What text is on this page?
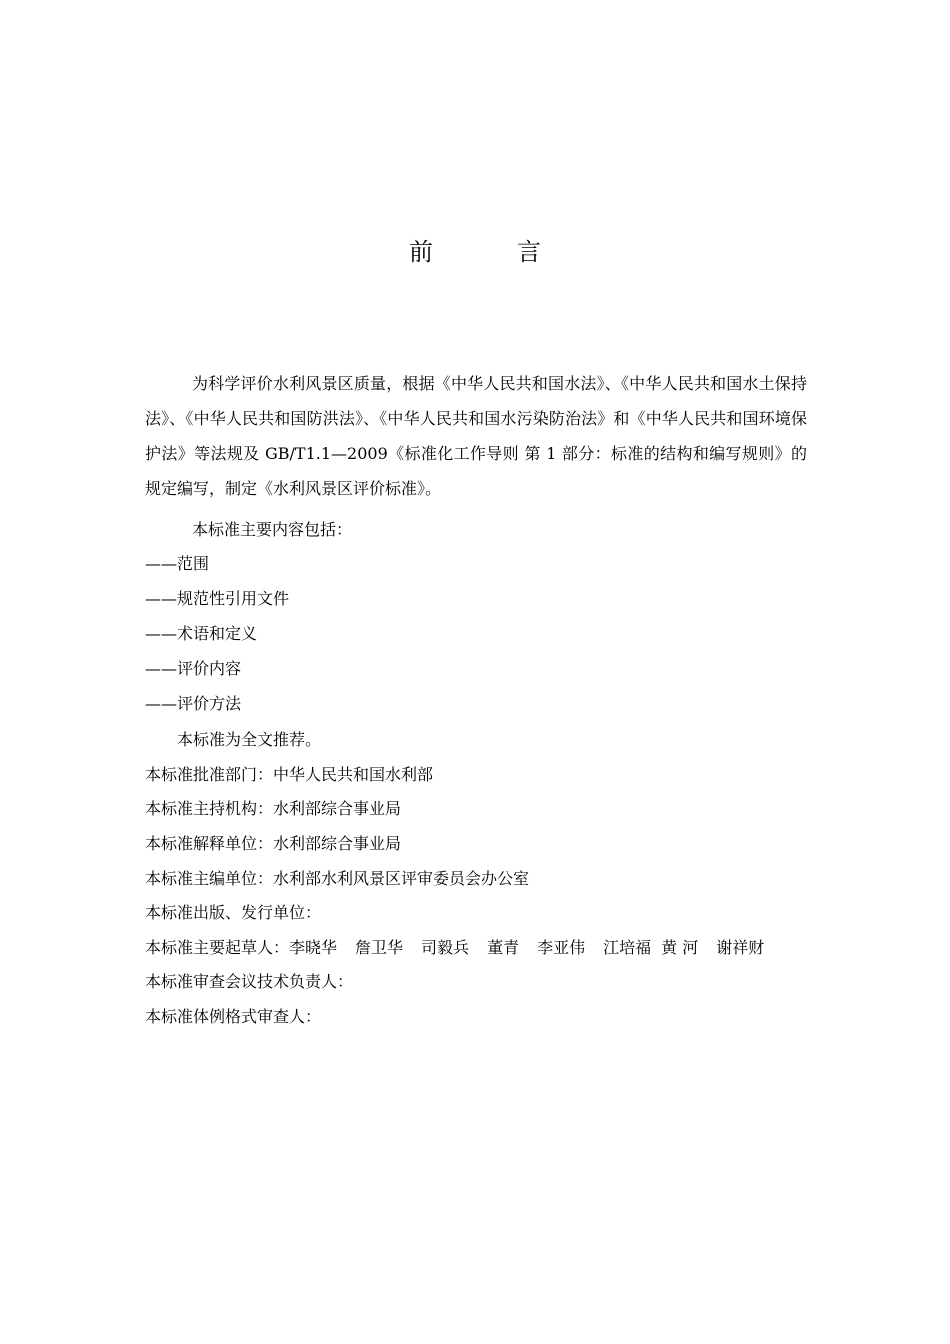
前　言

为科学评价水利风景区质量，根据《中华人民共和国水法》、《中华人民共和国水土保持法》、《中华人民共和国防洪法》、《中华人民共和国水污染防治法》和《中华人民共和国环境保护法》等法规及 GB/T1.1—2009《标准化工作导则 第 1 部分：标准的结构和编写规则》的规定编写，制定《水利风景区评价标准》。

本标准主要内容包括：

——范围

——规范性引用文件

——术语和定义

——评价内容

——评价方法

本标准为全文推荐。

本标准批准部门：中华人民共和国水利部

本标准主持机构：水利部综合事业局

本标准解释单位：水利部综合事业局

本标准主编单位：水利部水利风景区评审委员会办公室

本标准出版、发行单位：

本标准主要起草人：李晓华 詹卫华 司毅兵 董青 李亚伟 江培福 黄 河 谢祥财

本标准审查会议技术负责人：

本标准体例格式审查人：
